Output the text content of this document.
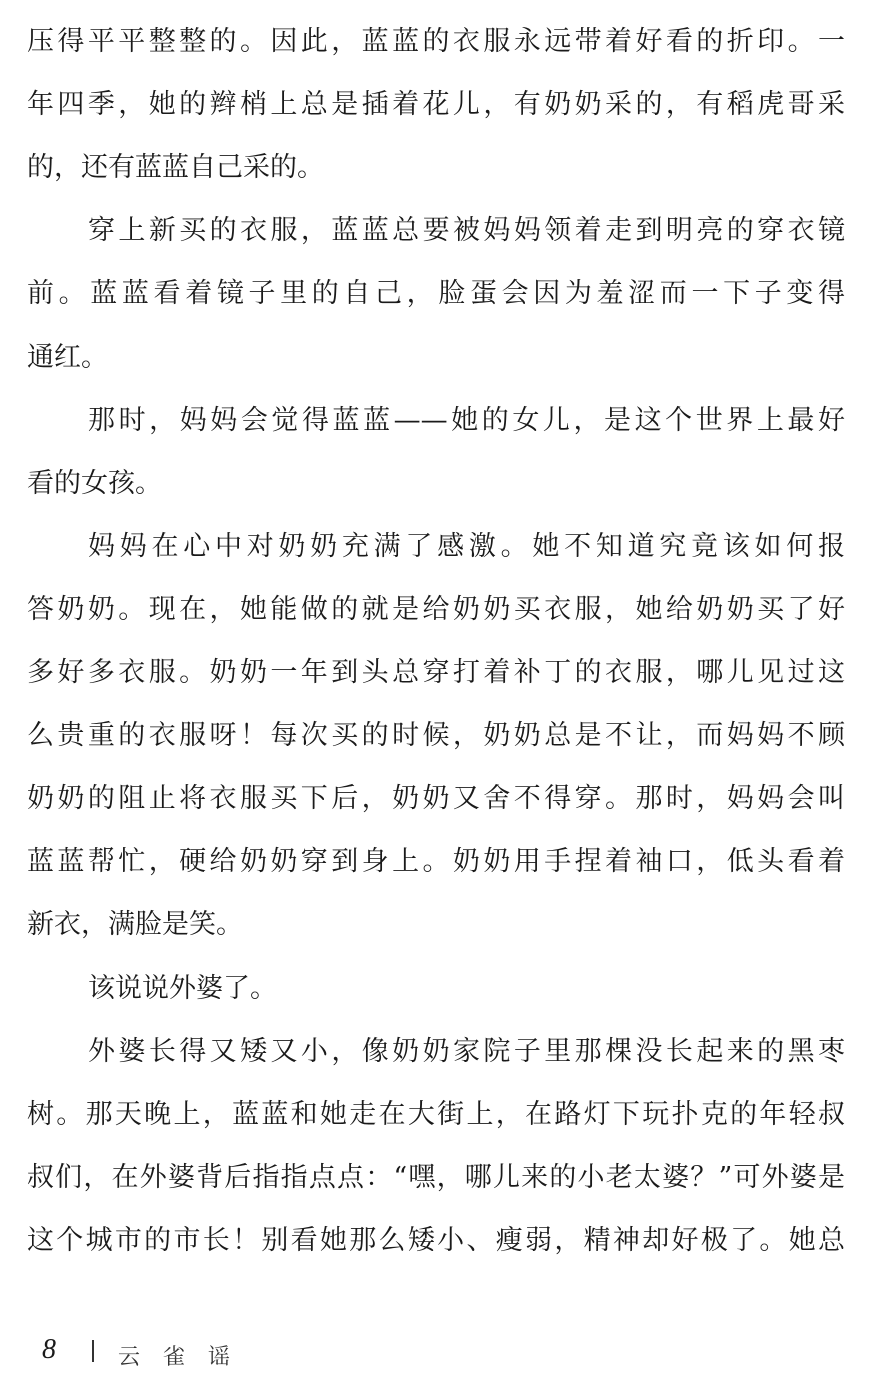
压得平平整整的。因此，蓝蓝的衣服永远带着好看的折印。一
年四季，她的辫梢上总是插着花儿，有奶奶采的，有稻虎哥采
的，还有蓝蓝自己采的。
穿上新买的衣服，蓝蓝总要被妈妈领着走到明亮的穿衣镜
前。蓝蓝看着镜子里的自己，脸蛋会因为羞涩而一下子变得
通红。
那时，妈妈会觉得蓝蓝——她的女儿，是这个世界上最好
看的女孩。
妈妈在心中对奶奶充满了感激。她不知道究竟该如何报
答奶奶。现在，她能做的就是给奶奶买衣服，她给奶奶买了好
多好多衣服。奶奶一年到头总穿打着补丁的衣服，哪儿见过这
么贵重的衣服呀！每次买的时候，奶奶总是不让，而妈妈不顾
奶奶的阻止将衣服买下后，奶奶又舍不得穿。那时，妈妈会叫
蓝蓝帮忙，硬给奶奶穿到身上。奶奶用手捏着袖口，低头看着
新衣，满脸是笑。
该说说外婆了。
外婆长得又矮又小，像奶奶家院子里那棵没长起来的黑枣
树。那天晚上，蓝蓝和她走在大街上，在路灯下玩扑克的年轻叔
叔们，在外婆背后指指点点：“嘿，哪儿来的小老太婆？”可外婆是
这个城市的市长！别看她那么矮小、瘦弱，精神却好极了。她总
8	云 雀 谣
